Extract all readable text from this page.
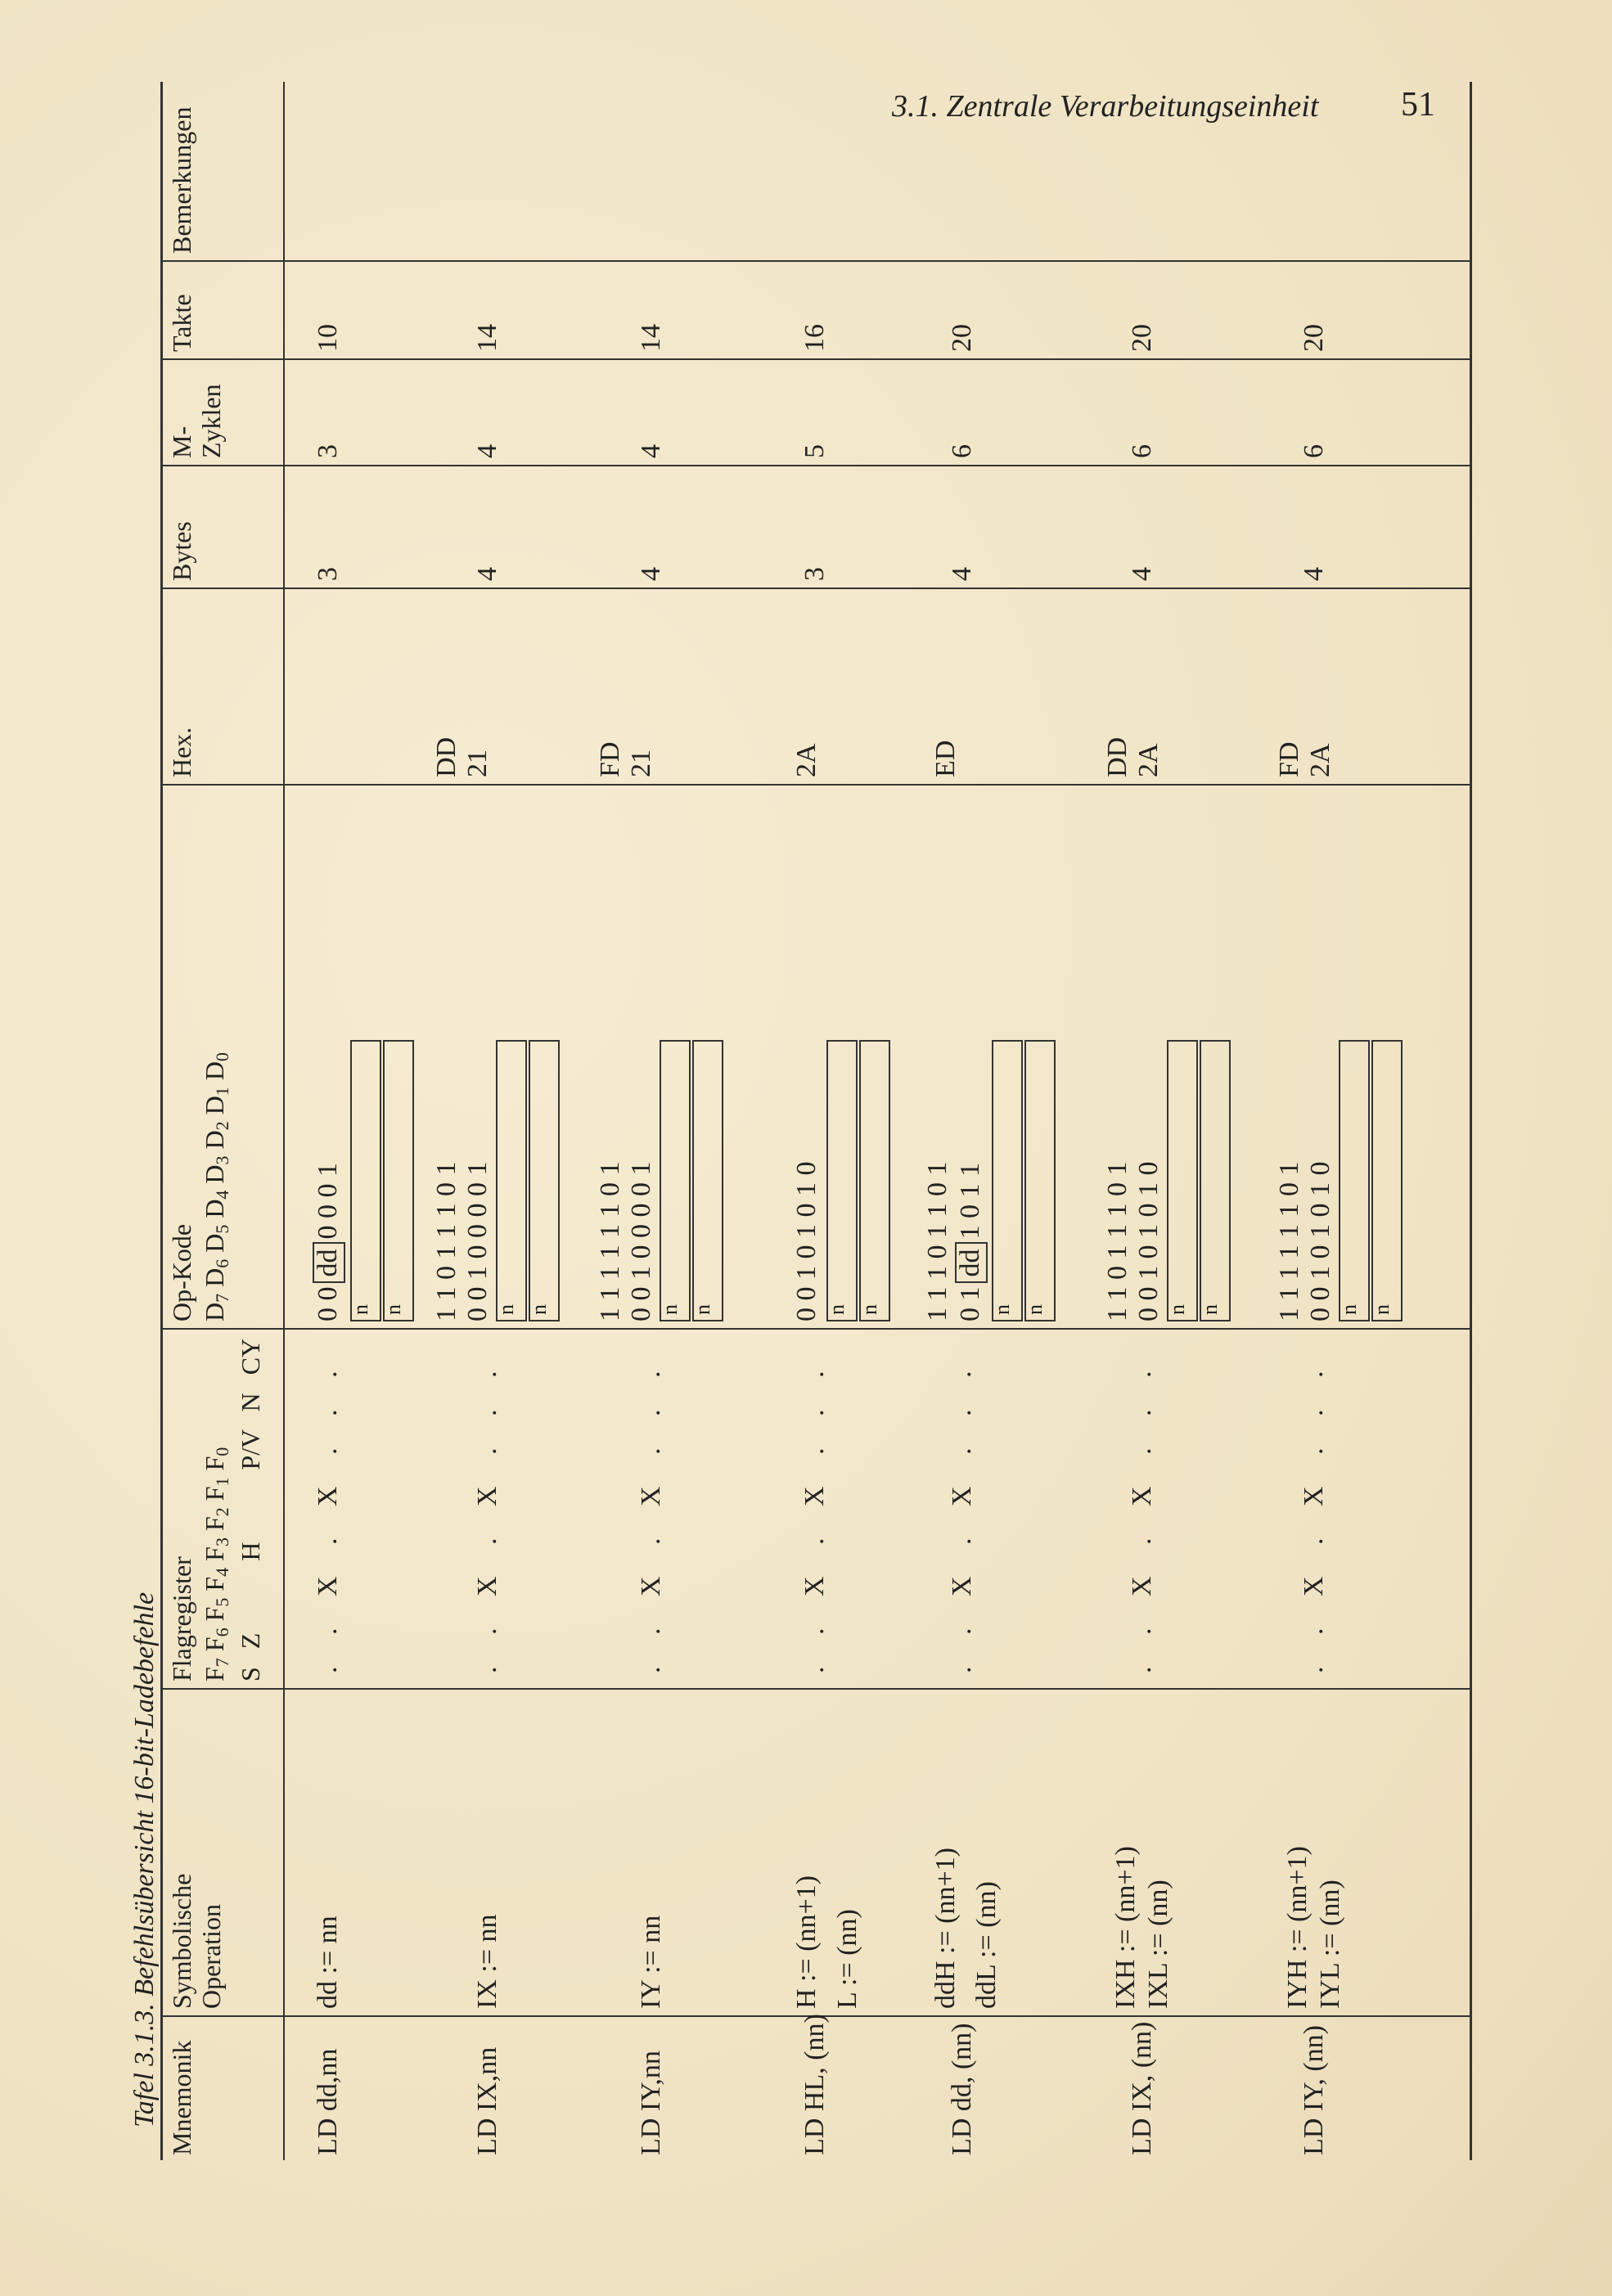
3.1. Zentrale Verarbeitungseinheit 51
Tafel 3.1.3. Befehlsübersicht 16-bit-Ladebefehle Mnemonik
Symbolische Operation
Flagregister $F_7$ $F_6$ $F_5$ $F_4$ $F_3$ $F_2$ $F_1$ $F_0$
S Z    H    P/V N CY
Op-Kode $D_7$ $D_6$ $D_5$ $D_4$ $D_3$ $D_2$ $D_1$ $D_0$
Hex.
Bytes
M- Zyklen
Takte
Bemerkungen
LD dd,nn
dd := nn
. . X . X . . .
0 0dd0 0 0 1
n n
3
3
10
LD IX,nn
IX := nn
. . X . X . . .
1 1 0 1 1 1 0 1 0 0 1 0 0 0 0 1 n n
DD 21
4
4
14
LD IY,nn
IY := nn
. . X . X . . .
1 1 1 1 1 1 0 1 0 0 1 0 0 0 0 1 n n
FD 21
4
4
14
LD HL, (nn)
H := (nn+1) L := (nn)
. . X . X . . .
0 0 1 0 1 0 1 0 n n
2A
3
5
16
LD dd, (nn)
ddH := (nn+1) ddL := (nn)
. . X . X . . .
1 1 1 0 1 1 0 1 0 1dd1 0 1 1
n n
ED
4
6
20
LD IX, (nn)
IXH := (nn+1) IXL := (nn)
. . X . X . . .
1 1 0 1 1 1 0 1 0 0 1 0 1 0 1 0 n n
DD 2A
4
6
20
LD IY, (nn)
IYH := (nn+1) IYL := (nn)
. . X . X . . .
1 1 1 1 1 1 0 1 0 0 1 0 1 0 1 0 n n
FD 2A
4
6
20
